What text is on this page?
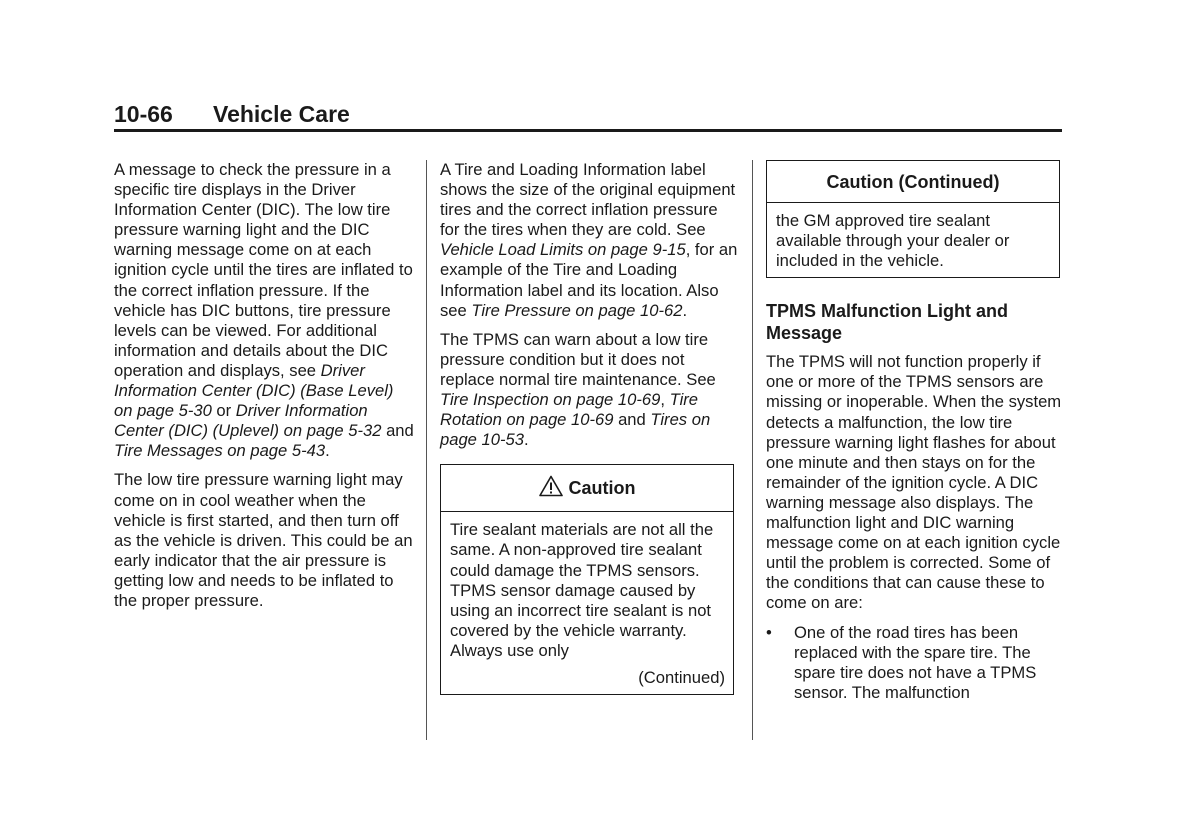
10-66 Vehicle Care

A message to check the pressure in a specific tire displays in the Driver Information Center (DIC). The low tire pressure warning light and the DIC warning message come on at each ignition cycle until the tires are inflated to the correct inflation pressure. If the vehicle has DIC buttons, tire pressure levels can be viewed. For additional information and details about the DIC operation and displays, see Driver Information Center (DIC) (Base Level) on page 5-30 or Driver Information Center (DIC) (Uplevel) on page 5-32 and Tire Messages on page 5-43.

The low tire pressure warning light may come on in cool weather when the vehicle is first started, and then turn off as the vehicle is driven. This could be an early indicator that the air pressure is getting low and needs to be inflated to the proper pressure.

A Tire and Loading Information label shows the size of the original equipment tires and the correct inflation pressure for the tires when they are cold. See Vehicle Load Limits on page 9-15, for an example of the Tire and Loading Information label and its location. Also see Tire Pressure on page 10-62.

The TPMS can warn about a low tire pressure condition but it does not replace normal tire maintenance. See Tire Inspection on page 10-69, Tire Rotation on page 10-69 and Tires on page 10-53.

Caution
Tire sealant materials are not all the same. A non-approved tire sealant could damage the TPMS sensors. TPMS sensor damage caused by using an incorrect tire sealant is not covered by the vehicle warranty. Always use only
(Continued)
Caution (Continued)
the GM approved tire sealant available through your dealer or included in the vehicle.
TPMS Malfunction Light and Message

The TPMS will not function properly if one or more of the TPMS sensors are missing or inoperable. When the system detects a malfunction, the low tire pressure warning light flashes for about one minute and then stays on for the remainder of the ignition cycle. A DIC warning message also displays. The malfunction light and DIC warning message come on at each ignition cycle until the problem is corrected. Some of the conditions that can cause these to come on are:

•	One of the road tires has been replaced with the spare tire. The spare tire does not have a TPMS sensor. The malfunction
